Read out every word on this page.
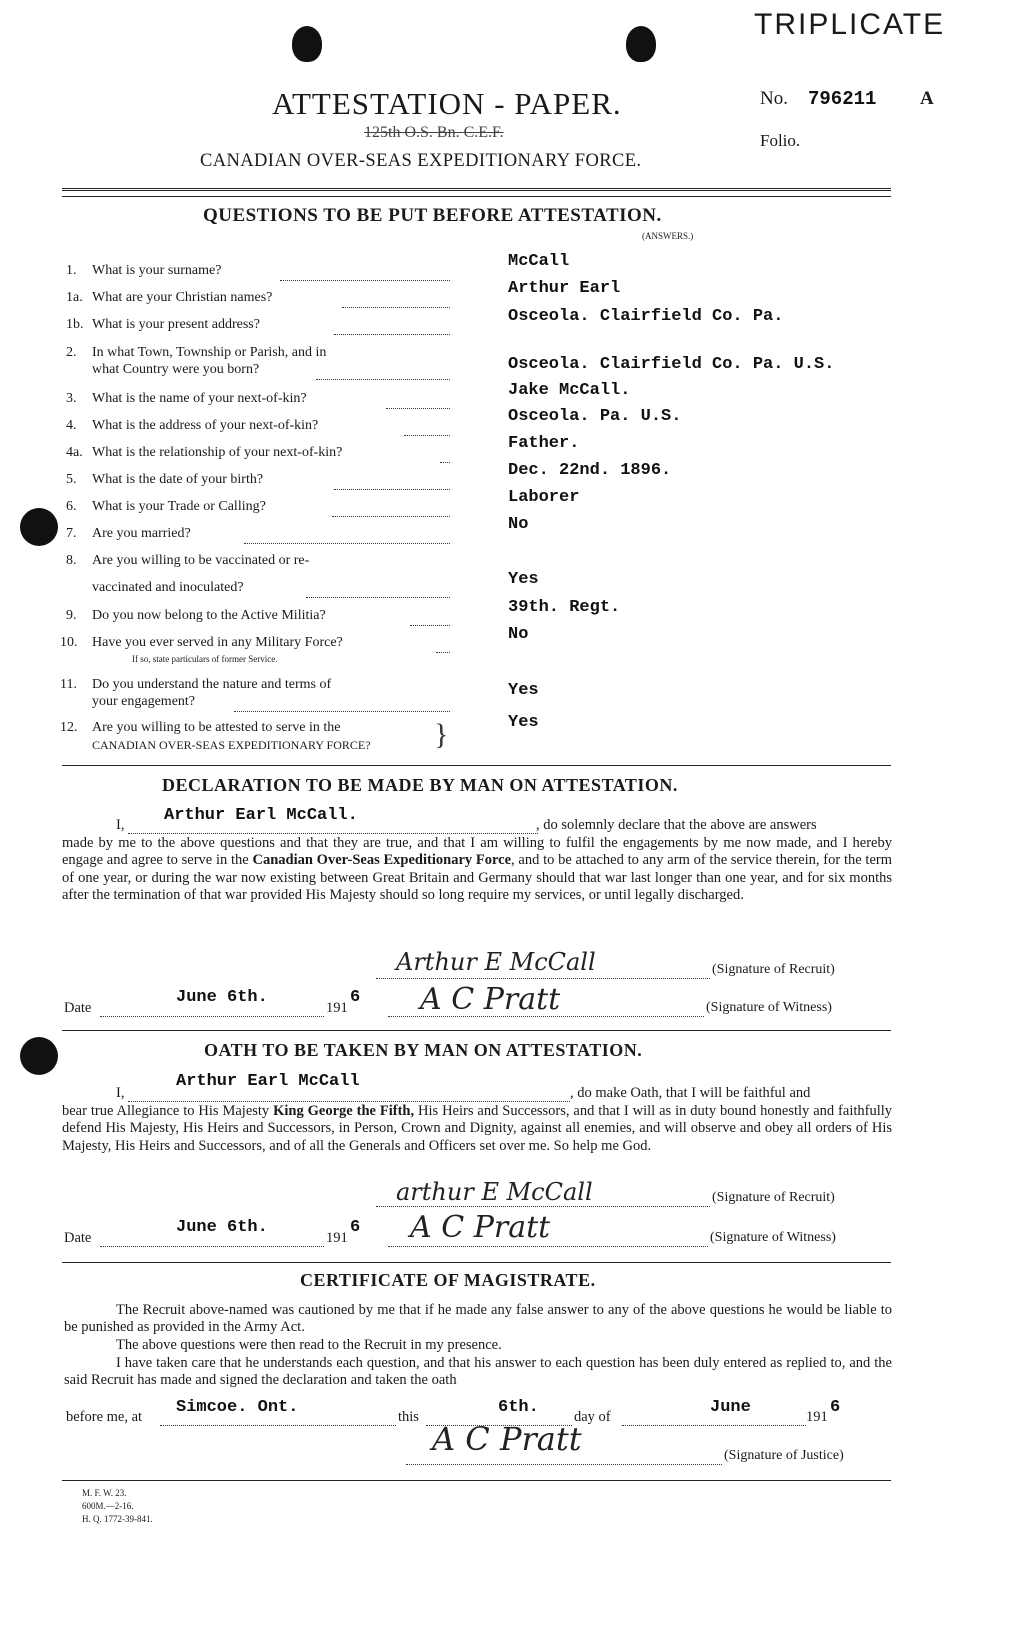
TRIPLICATE
ATTESTATION - PAPER.	No. 796211 A
125th O.S. Bn. C.E.F.	Folio.
CANADIAN OVER-SEAS EXPEDITIONARY FORCE.
QUESTIONS TO BE PUT BEFORE ATTESTATION.
(ANSWERS.)
1. What is your surname?	McCall
1a. What are your Christian names?	Arthur Earl
1b. What is your present address?	Osceola. Clairfield Co. Pa.
2. In what Town, Township or Parish, and in
what Country were you born?	Osceola. Clairfield Co. Pa. U.S.
3. What is the name of your next-of-kin?	Jake McCall.
4. What is the address of your next-of-kin?	Osceola. Pa. U.S.
4a. What is the relationship of your next-of-kin?	Father.
5. What is the date of your birth?	Dec. 22nd. 1896.
6. What is your Trade or Calling?	Laborer
7. Are you married?	No
8. Are you willing to be vaccinated or re-
vaccinated and inoculated?	Yes
9. Do you now belong to the Active Militia?	39th. Regt.
10. Have you ever served in any Military Force?
If so, state particulars of former Service.
No
11. Do you understand the nature and terms of
your engagement?
Yes
12. Are you willing to be attested to serve in the
CANADIAN OVER-SEAS EXPEDITIONARY FORCE? }	Yes
DECLARATION TO BE MADE BY MAN ON ATTESTATION.
I, Arthur Earl McCall.	, do solemnly declare that the above are answers
made by me to the above questions and that they are true, and that I am willing to fulfil the engagements by me now made, and I hereby engage and agree to serve in the Canadian Over-Seas Expeditionary Force, and to be attached to any arm of the service therein, for the term of one year, or during the war now existing between Great Britain and Germany should that war last longer than one year, and for six months after the termination of that war provided His Majesty should so long require my services, or until legally discharged.
Arthur E McCall	(Signature of Recruit)
Date
June 6th.
191
6 A C Pratt	(Signature of Witness)
OATH TO BE TAKEN BY MAN ON ATTESTATION.
I,
Arthur Earl McCall
, do make Oath, that I will be faithful and
bear true Allegiance to His Majesty King George the Fifth, His Heirs and Successors, and that I will as in duty bound honestly and faithfully defend His Majesty, His Heirs and Successors, in Person, Crown and Dignity, against all enemies, and will observe and obey all orders of His Majesty, His Heirs and Successors, and of all the Generals and Officers set over me. So help me God.
arthur E McCall	(Signature of Recruit)
Date
June 6th.
191
6 A C Pratt	(Signature of Witness)
CERTIFICATE OF MAGISTRATE.
The Recruit above-named was cautioned by me that if he made any false answer to any of the above questions he would be liable to be punished as provided in the Army Act.
The above questions were then read to the Recruit in my presence.
I have taken care that he understands each question, and that his answer to each question has been duly entered as replied to, and the said Recruit has made and signed the declaration and taken the oath
before me, at Simcoe. Ont.	this	6th. day of	June	191 6
A C Pratt	(Signature of Justice)
M. F. W. 23.
600M.—2-16.
H. Q. 1772-39-841.
